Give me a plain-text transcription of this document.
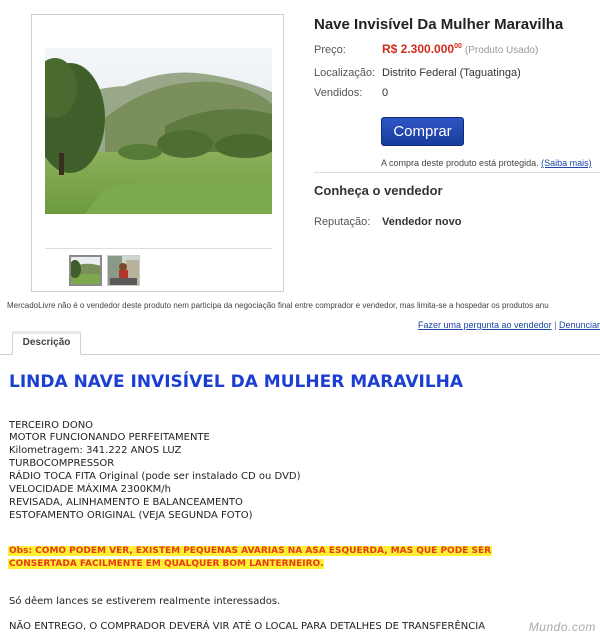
Nave Invisível Da Mulher Maravilha
Preço:	R$ 2.300.000$^{00}$ (Produto Usado)
Localização: Distrito Federal (Taguatinga)
Vendidos: 0
Comprar
A compra deste produto está protegida. (Saiba mais)
Conheça o vendedor
Reputação: Vendedor novo
MercadoLivre não é o vendedor deste produto nem participa da negociação final entre comprador e vendedor, mas limita-se a hospedar os produtos anu
Fazer uma pergunta ao vendedor | Denunciar
Descrição
LINDA NAVE INVISÍVEL DA MULHER MARAVILHA
TERCEIRO DONO
MOTOR FUNCIONANDO PERFEITAMENTE
Kilometragem: 341.222 ANOS LUZ
TURBOCOMPRESSOR
RÁDIO TOCA FITA Original (pode ser instalado CD ou DVD)
VELOCIDADE MÁXIMA 2300KM/h
REVISADA, ALINHAMENTO E BALANCEAMENTO
ESTOFAMENTO ORIGINAL (VEJA SEGUNDA FOTO)
Obs: COMO PODEM VER, EXISTEM PEQUENAS AVARIAS NA ASA ESQUERDA, MAS QUE PODE SER
CONSERTADA FACILMENTE EM QUALQUER BOM LANTERNEIRO.
Só dêem lances se estiverem realmente interessados.
NÃO ENTREGO, O COMPRADOR DEVERÁ VIR ATÉ O LOCAL PARA DETALHES DE TRANSFERÊNCIA	Mundo.com
